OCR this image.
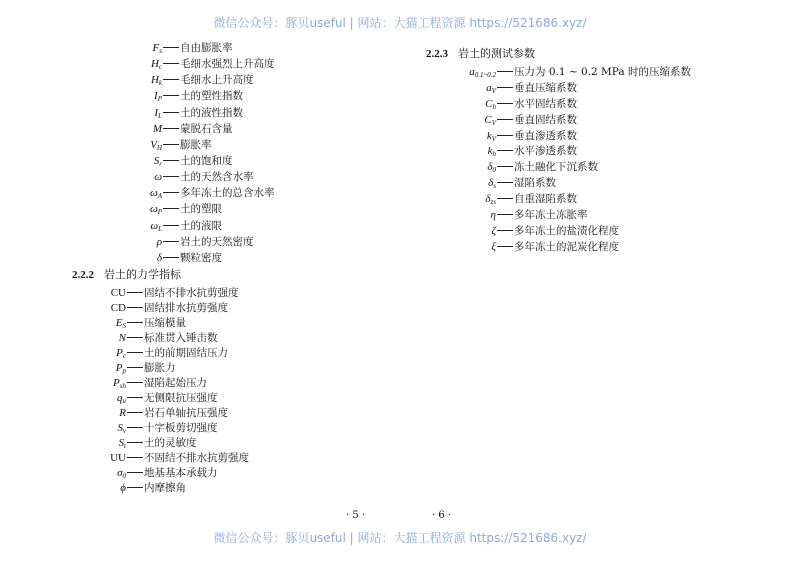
微信公众号：豚贝useful | 网站：大猫工程资源 https://521686.xyz/
$F_s$ 自由膨胀率
$H_c$ 毛细水强烈上升高度
$H_k$ 毛细水上升高度
$I_P$ 土的塑性指数
$I_L$ 土的液性指数
M 蒙脱石含量
$V_H$ 膨胀率
$S_r$ 土的饱和度
ω 土的天然含水率
$\omega_A$ 多年冻土的总含水率
$\omega_P$ 土的塑限
$\omega_L$ 土的液限
ρ 岩土的天然密度
δ 颗粒密度
2.2.2 岩土的力学指标
CU 固结不排水抗剪强度
CD 固结排水抗剪强度
$E_S$ 压缩模量
N 标准贯入锤击数
$P_c$ 土的前期固结压力
$P_p$ 膨胀力
$P_{sh}$ 湿陷起始压力
$q_u$ 无侧限抗压强度
R 岩石单轴抗压强度
$S_v$ 十字板剪切强度
$S_t$ 土的灵敏度
UU 不固结不排水抗剪强度
$\sigma_0$ 地基基本承载力
ϕ 内摩擦角
2.2.3 岩土的测试参数
$a_{0.1\sim 0.2}$ 压力为 0.1 ~ 0.2 MPa 时的压缩系数
$a_V$ 垂直压缩系数
$C_h$ 水平固结系数
$C_V$ 垂直固结系数
$k_V$ 垂直渗透系数
$k_h$ 水平渗透系数
$\delta_0$ 冻土融化下沉系数
$\delta_s$ 湿陷系数
$\delta_{zs}$ 自重湿陷系数
η 多年冻土冻胀率
ζ 多年冻土的盐渍化程度
ξ 多年冻土的泥炭化程度
· 5 ·	· 6 ·
微信公众号：豚贝useful | 网站：大猫工程资源 https://521686.xyz/
